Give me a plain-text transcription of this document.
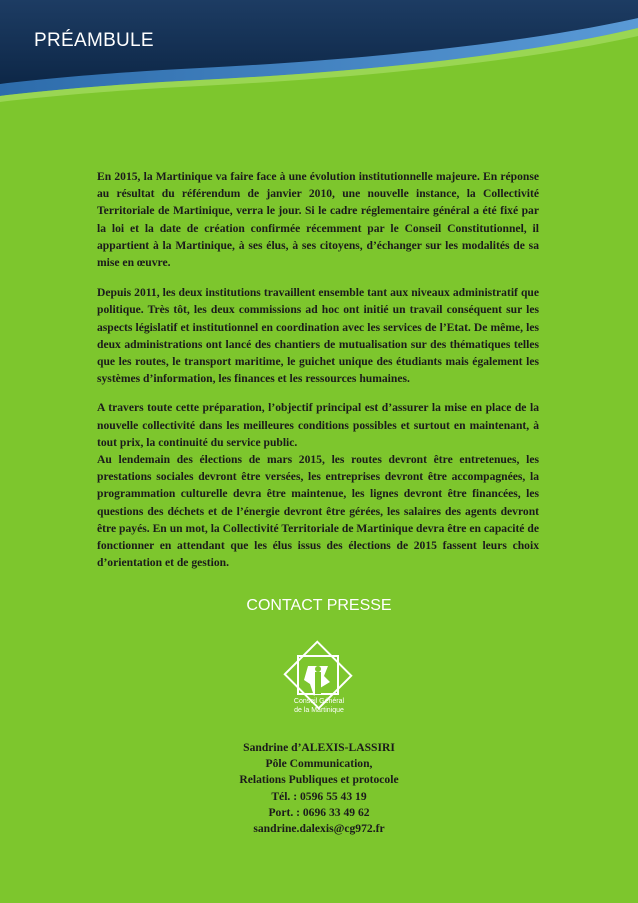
PRÉAMBULE

En 2015, la Martinique va faire face à une évolution institutionnelle majeure. En réponse au résultat du référendum de janvier 2010, une nouvelle instance, la Collectivité Territoriale de Martinique, verra le jour. Si le cadre réglementaire général a été fixé par la loi et la date de création confirmée récemment par le Conseil Constitutionnel, il appartient à la Martinique, à ses élus, à ses citoyens, d’échanger sur les modalités de sa mise en œuvre.

Depuis 2011, les deux institutions travaillent ensemble tant aux niveaux administratif que politique. Très tôt, les deux commissions ad hoc ont initié un travail conséquent sur les aspects législatif et institutionnel en coordination avec les services de l’Etat. De même, les deux administrations ont lancé des chantiers de mutualisation sur des thématiques telles que les routes, le transport maritime, le guichet unique des étudiants mais également les systèmes d’information, les finances et les ressources humaines.

A travers toute cette préparation, l’objectif principal est d’assurer la mise en place de la nouvelle collectivité dans les meilleures conditions possibles et surtout en maintenant, à tout prix, la continuité du service public.

Au lendemain des élections de mars 2015, les routes devront être entretenues, les prestations sociales devront être versées, les entreprises devront être accompagnées, la programmation culturelle devra être maintenue, les lignes devront être financées, les questions des déchets et de l’énergie devront être gérées, les salaires des agents devront être payés. En un mot, la Collectivité Territoriale de Martinique devra être en capacité de fonctionner en attendant que les élus issus des élections de 2015 fassent leurs choix d’orientation et de gestion.

CONTACT PRESSE
Conseil Général
de la Martinique
Sandrine d’ALEXIS-LASSIRI
Pôle Communication,
Relations Publiques et protocole
Tél. : 0596 55 43 19
Port. : 0696 33 49 62
sandrine.dalexis@cg972.fr
